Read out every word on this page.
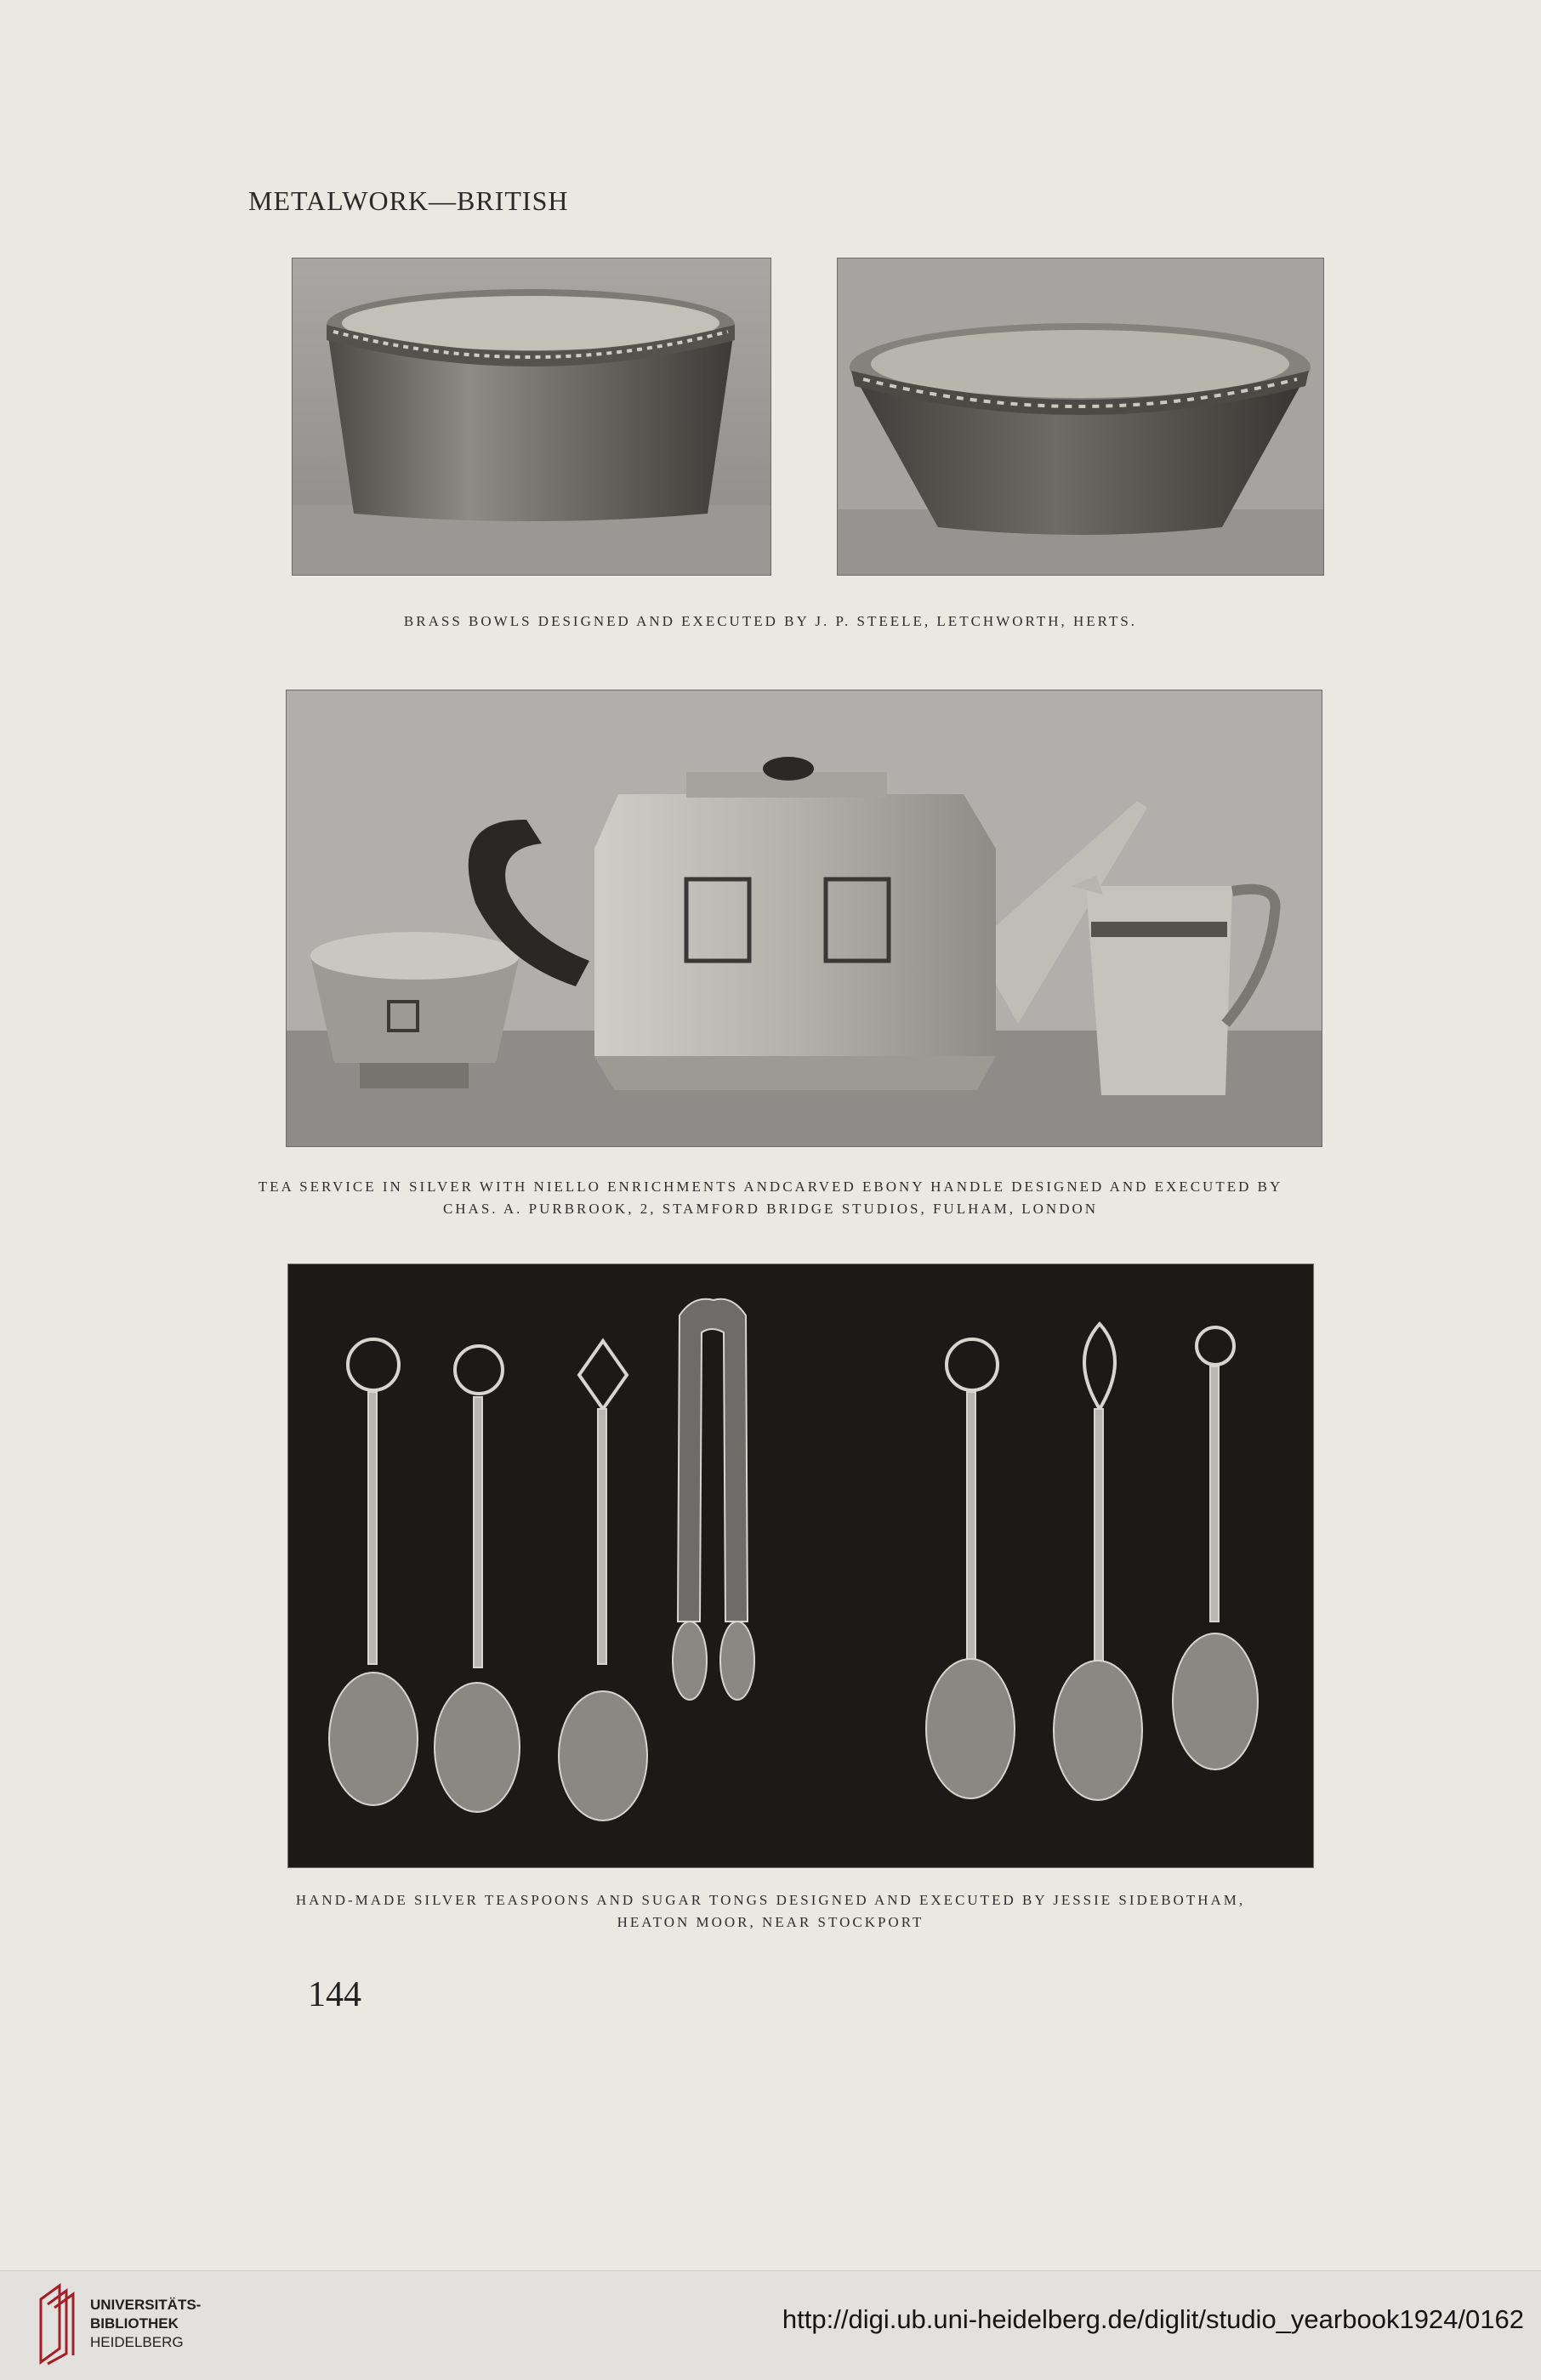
METALWORK—BRITISH
BRASS BOWLS DESIGNED AND EXECUTED BY J. P. STEELE, LETCHWORTH, HERTS.
TEA SERVICE IN SILVER WITH NIELLO ENRICHMENTS ANDCARVED EBONY HANDLE DESIGNED AND EXECUTED BY
CHAS. A. PURBROOK, 2, STAMFORD BRIDGE STUDIOS, FULHAM, LONDON
HAND-MADE SILVER TEASPOONS AND SUGAR TONGS DESIGNED AND EXECUTED BY JESSIE SIDEBOTHAM,
HEATON MOOR, NEAR STOCKPORT
144
UNIVERSITÄTS-
BIBLIOTHEK
HEIDELBERG
http://digi.ub.uni-heidelberg.de/diglit/studio_yearbook1924/0162
